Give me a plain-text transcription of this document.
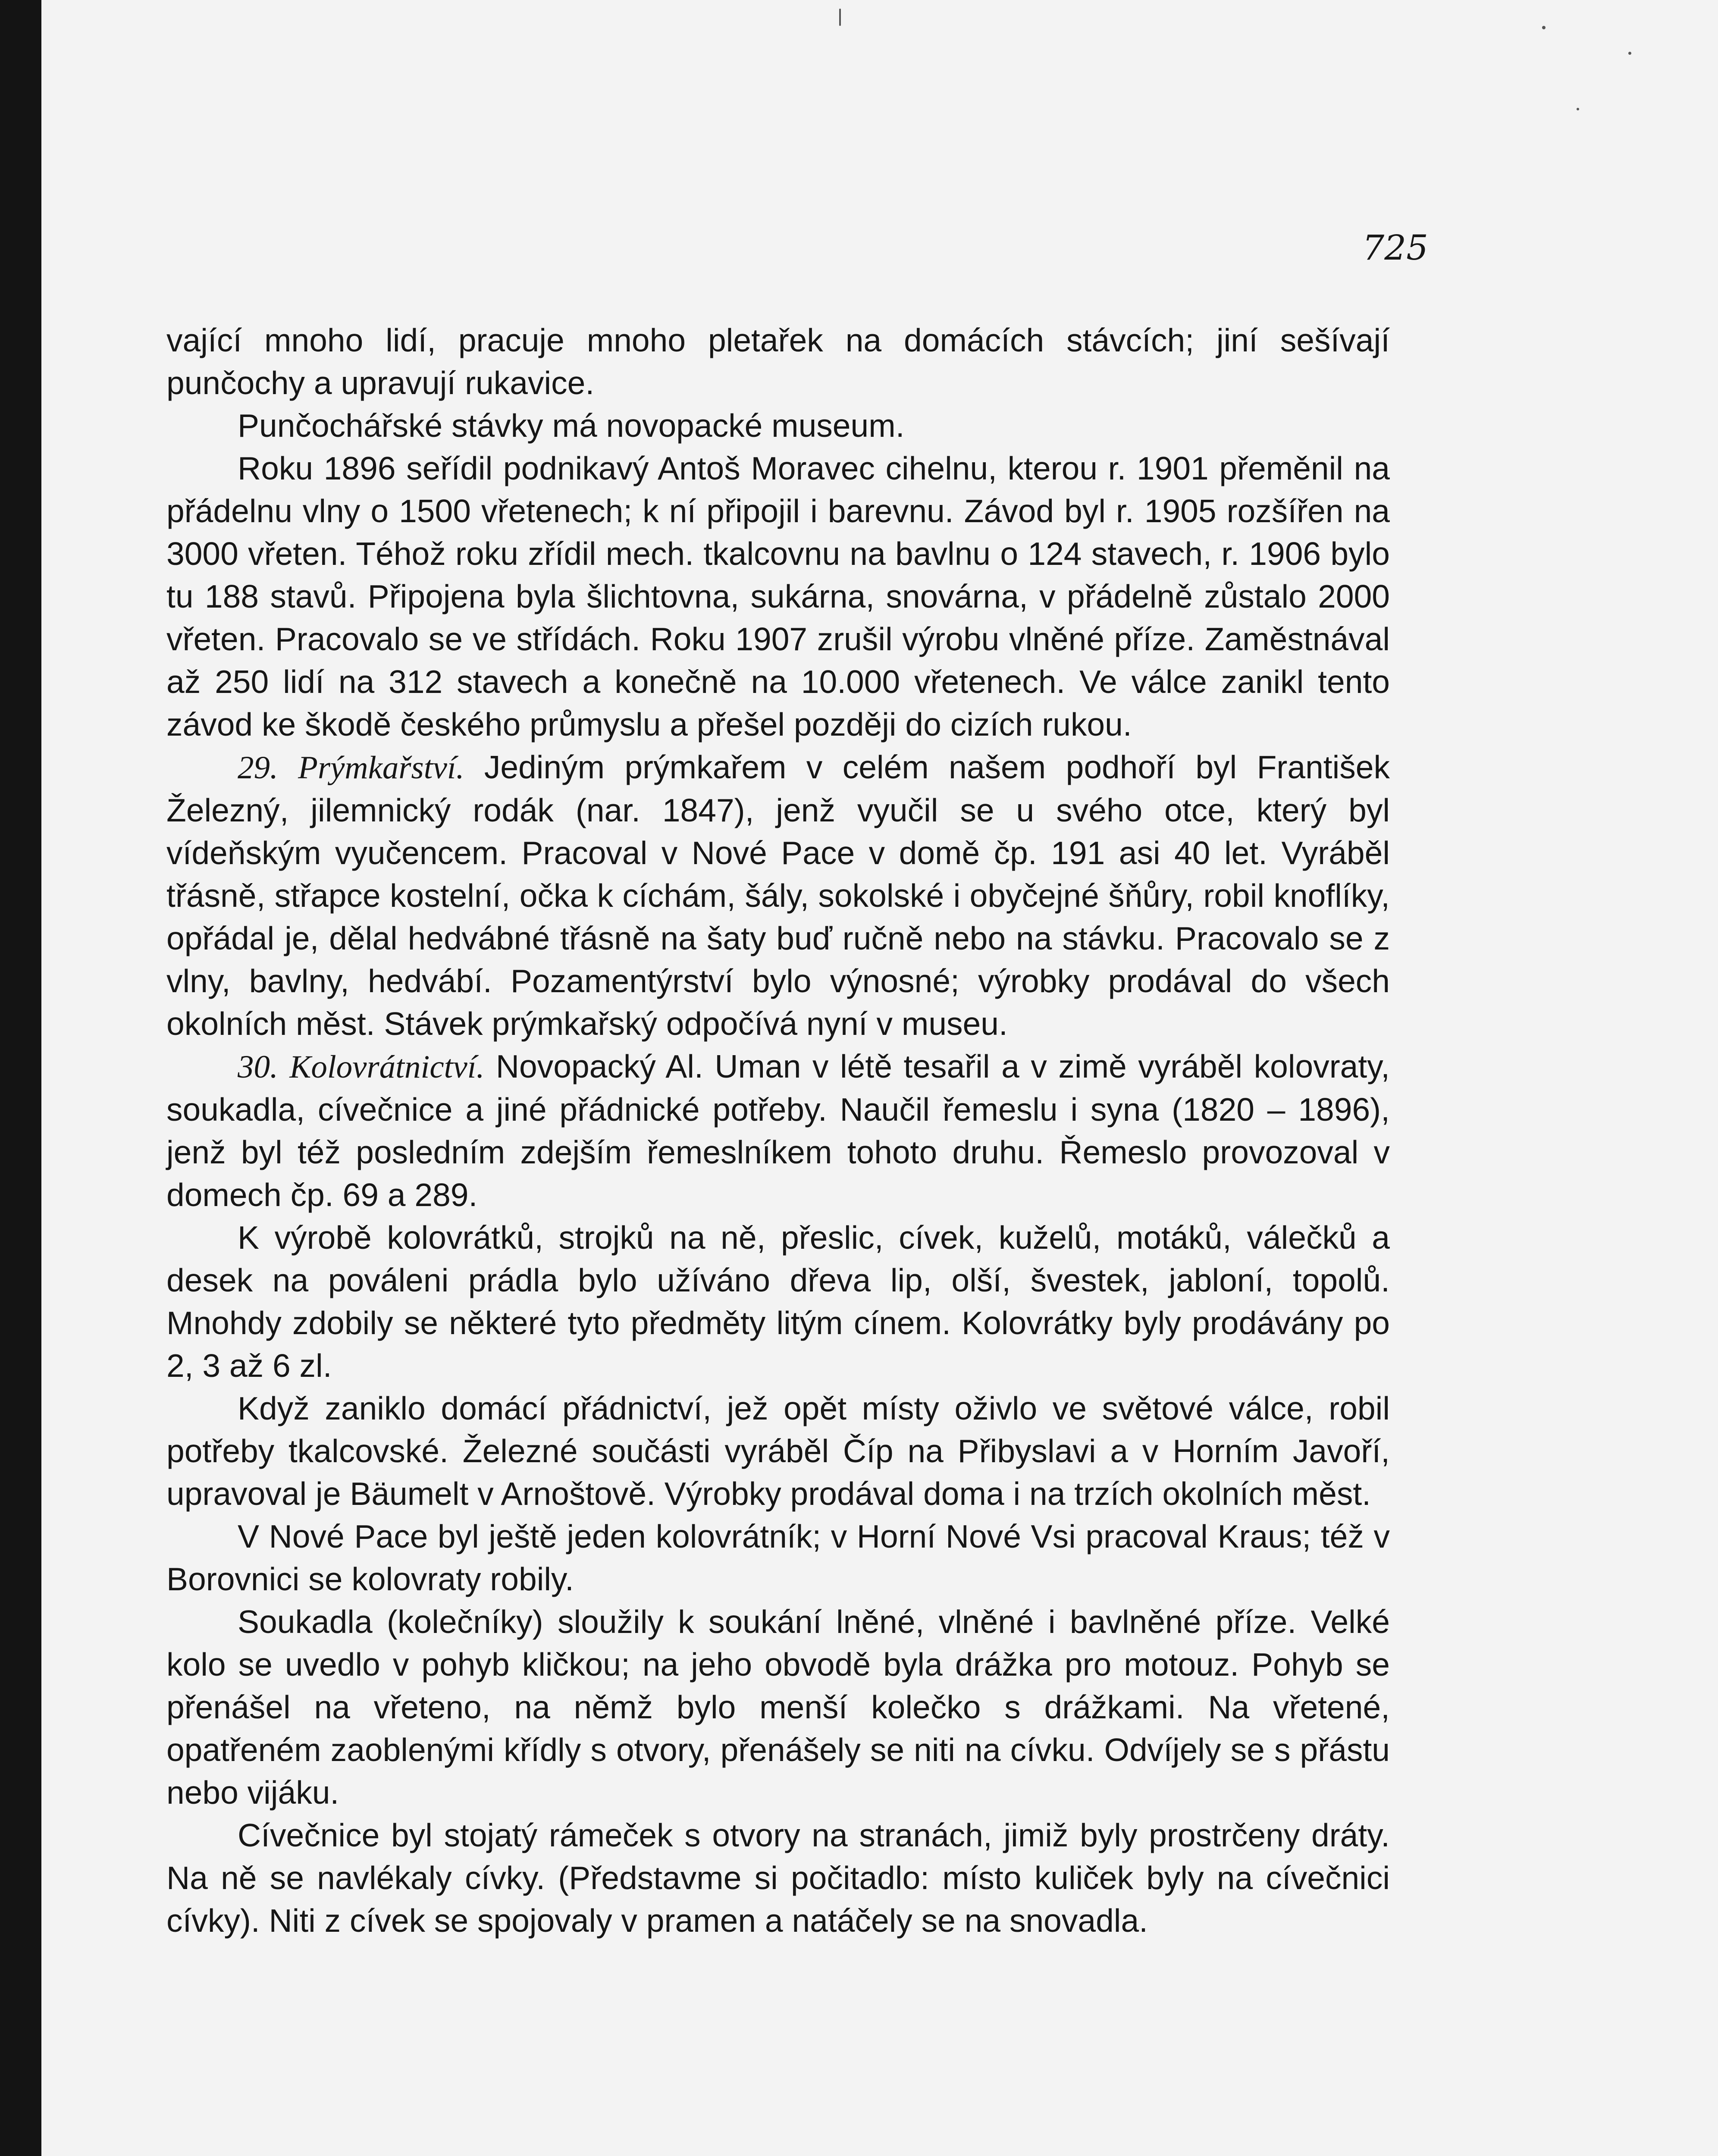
725

vající mnoho lidí, pracuje mnoho pletařek na domácích stávcích; jiní sešívají punčochy a upravují rukavice.

Punčochářské stávky má novopacké museum.

Roku 1896 seřídil podnikavý Antoš Moravec cihelnu, kterou r. 1901 přeměnil na přádelnu vlny o 1500 vřetenech; k ní připojil i barevnu. Závod byl r. 1905 rozšířen na 3000 vřeten. Téhož roku zřídil mech. tkalcovnu na bavlnu o 124 stavech, r. 1906 bylo tu 188 stavů. Připojena byla šlichtovna, sukárna, snovárna, v přádelně zůstalo 2000 vřeten. Pracovalo se ve střídách. Roku 1907 zrušil výrobu vlněné příze. Zaměstnával až 250 lidí na 312 stavech a konečně na 10.000 vřetenech. Ve válce zanikl tento závod ke škodě českého průmyslu a přešel později do cizích rukou.

29. Prýmkařství. Jediným prýmkařem v celém našem podhoří byl František Železný, jilemnický rodák (nar. 1847), jenž vyučil se u svého otce, který byl vídeňským vyučencem. Pracoval v Nové Pace v domě čp. 191 asi 40 let. Vyráběl třásně, střapce kostelní, očka k cíchám, šály, sokolské i obyčejné šňůry, robil knoflíky, opřádal je, dělal hedvábné třásně na šaty buď ručně nebo na stávku. Pracovalo se z vlny, bavlny, hedvábí. Pozamentýrství bylo výnosné; výrobky prodával do všech okolních měst. Stávek prýmkařský odpočívá nyní v museu.

30. Kolovrátnictví. Novopacký Al. Uman v létě tesařil a v zimě vyráběl kolovraty, soukadla, cívečnice a jiné přádnické potřeby. Naučil řemeslu i syna (1820 – 1896), jenž byl též posledním zdejším řemeslníkem tohoto druhu. Řemeslo provozoval v domech čp. 69 a 289.

K výrobě kolovrátků, strojků na ně, přeslic, cívek, kuželů, motáků, válečků a desek na pováleni prádla bylo užíváno dřeva lip, olší, švestek, jabloní, topolů. Mnohdy zdobily se některé tyto předměty litým cínem. Kolovrátky byly prodávány po 2, 3 až 6 zl.

Když zaniklo domácí přádnictví, jež opět místy oživlo ve světové válce, robil potřeby tkalcovské. Železné součásti vyráběl Číp na Přibyslavi a v Horním Javoří, upravoval je Bäumelt v Arnoštově. Výrobky prodával doma i na trzích okolních měst.

V Nové Pace byl ještě jeden kolovrátník; v Horní Nové Vsi pracoval Kraus; též v Borovnici se kolovraty robily.

Soukadla (kolečníky) sloužily k soukání lněné, vlněné i bavlněné příze. Velké kolo se uvedlo v pohyb kličkou; na jeho obvodě byla drážka pro motouz. Pohyb se přenášel na vřeteno, na němž bylo menší kolečko s drážkami. Na vřetené, opatřeném zaoblenými křídly s otvory, přenášely se niti na cívku. Odvíjely se s přástu nebo vijáku.

Cívečnice byl stojatý rámeček s otvory na stranách, jimiž byly prostrčeny dráty. Na ně se navlékaly cívky. (Představme si počitadlo: místo kuliček byly na cívečnici cívky). Niti z cívek se spojovaly v pramen a natáčely se na snovadla.
